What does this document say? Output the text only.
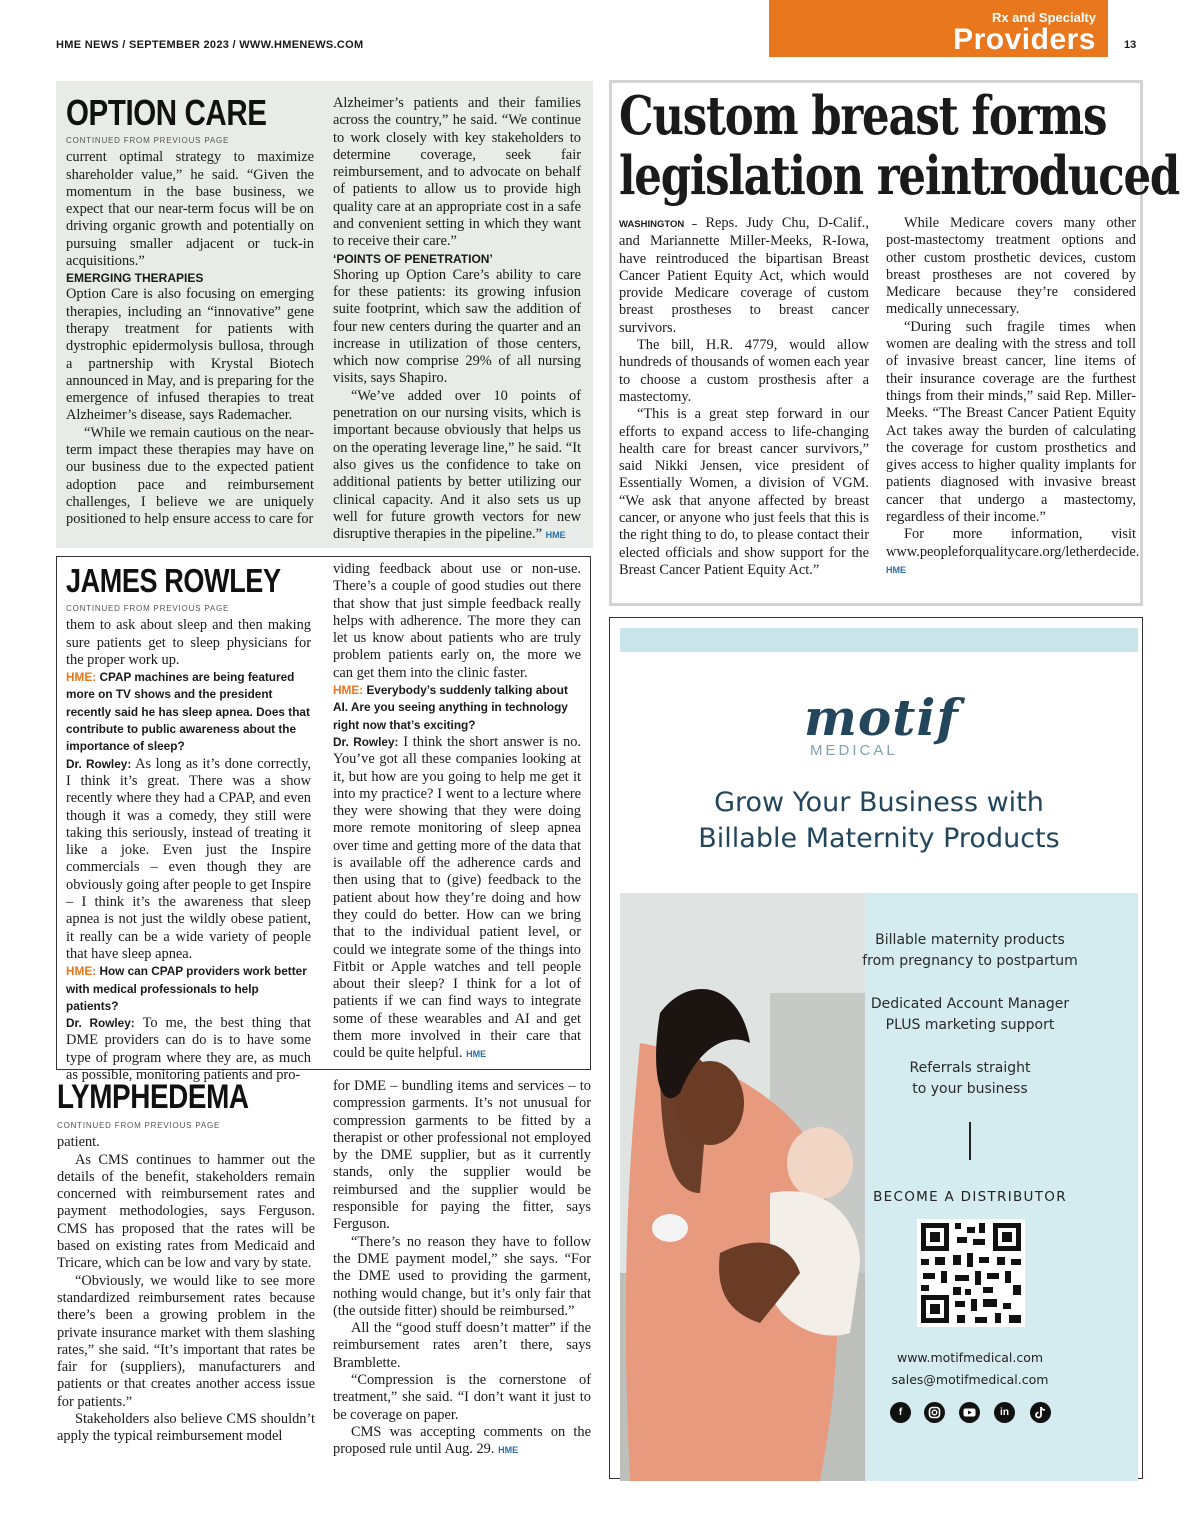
HME NEWS / SEPTEMBER 2023 / WWW.HMENEWS.COM
Rx and Specialty
Providers	13
OPTION CARE
CONTINUED FROM PREVIOUS PAGE

current optimal strategy to maximize shareholder value,” he said. “Given the momentum in the base business, we expect that our near-term focus will be on driving organic growth and potentially on pursuing smaller adjacent or tuck-in acquisitions.”

EMERGING THERAPIES

Option Care is also focusing on emerging therapies, including an “innovative” gene therapy treatment for patients with dystrophic epidermolysis bullosa, through a partnership with Krystal Biotech announced in May, and is preparing for the emergence of infused therapies to treat Alzheimer’s disease, says Rademacher.

“While we remain cautious on the near-term impact these therapies may have on our business due to the expected patient adoption pace and reimbursement challenges, I believe we are uniquely positioned to help ensure access to care for

Alzheimer’s patients and their families across the country,” he said. “We continue to work closely with key stakeholders to determine coverage, seek fair reimbursement, and to advocate on behalf of patients to allow us to provide high quality care at an appropriate cost in a safe and convenient setting in which they want to receive their care.”

‘POINTS OF PENETRATION’

Shoring up Option Care’s ability to care for these patients: its growing infusion suite footprint, which saw the addition of four new centers during the quarter and an increase in utilization of those centers, which now comprise 29% of all nursing visits, says Shapiro.

“We’ve added over 10 points of penetration on our nursing visits, which is important because obviously that helps us on the operating leverage line,” he said. “It also gives us the confidence to take on additional patients by better utilizing our clinical capacity. And it also sets us up well for future growth vectors for new disruptive therapies in the pipeline.” HME

JAMES ROWLEY
CONTINUED FROM PREVIOUS PAGE

them to ask about sleep and then making sure patients get to sleep physicians for the proper work up.

HME: CPAP machines are being featured more on TV shows and the president recently said he has sleep apnea. Does that contribute to public awareness about the importance of sleep?

Dr. Rowley: As long as it’s done correctly, I think it’s great. There was a show recently where they had a CPAP, and even though it was a comedy, they still were taking this seriously, instead of treating it like a joke. Even just the Inspire commercials – even though they are obviously going after people to get Inspire – I think it’s the awareness that sleep apnea is not just the wildly obese patient, it really can be a wide variety of people that have sleep apnea.

HME: How can CPAP providers work better with medical professionals to help patients?

Dr. Rowley: To me, the best thing that DME providers can do is to have some type of program where they are, as much as possible, monitoring patients and pro-

viding feedback about use or non-use. There’s a couple of good studies out there that show that just simple feedback really helps with adherence. The more they can let us know about patients who are truly problem patients early on, the more we can get them into the clinic faster.

HME: Everybody’s suddenly talking about AI. Are you seeing anything in technology right now that’s exciting?

Dr. Rowley: I think the short answer is no. You’ve got all these companies looking at it, but how are you going to help me get it into my practice? I went to a lecture where they were showing that they were doing more remote monitoring of sleep apnea over time and getting more of the data that is available off the adherence cards and then using that to (give) feedback to the patient about how they’re doing and how they could do better. How can we bring that to the individual patient level, or could we integrate some of the things into Fitbit or Apple watches and tell people about their sleep? I think for a lot of patients if we can find ways to integrate some of these wearables and AI and get them more involved in their care that could be quite helpful. HME

LYMPHEDEMA
CONTINUED FROM PREVIOUS PAGE

patient.

As CMS continues to hammer out the details of the benefit, stakeholders remain concerned with reimbursement rates and payment methodologies, says Ferguson. CMS has proposed that the rates will be based on existing rates from Medicaid and Tricare, which can be low and vary by state.

“Obviously, we would like to see more standardized reimbursement rates because there’s been a growing problem in the private insurance market with them slashing rates,” she said. “It’s important that rates be fair for (suppliers), manufacturers and patients or that creates another access issue for patients.”

Stakeholders also believe CMS shouldn’t apply the typical reimbursement model

for DME – bundling items and services – to compression garments. It’s not unusual for compression garments to be fitted by a therapist or other professional not employed by the DME supplier, but as it currently stands, only the supplier would be reimbursed and the supplier would be responsible for paying the fitter, says Ferguson.

“There’s no reason they have to follow the DME payment model,” she says. “For the DME used to providing the garment, nothing would change, but it’s only fair that (the outside fitter) should be reimbursed.”

All the “good stuff doesn’t matter” if the reimbursement rates aren’t there, says Bramblette.

“Compression is the cornerstone of treatment,” she said. “I don’t want it just to be coverage on paper.

CMS was accepting comments on the proposed rule until Aug. 29. HME

Custom breast forms
legislation reintroduced

WASHINGTON – Reps. Judy Chu, D-Calif., and Mariannette Miller-Meeks, R-Iowa, have reintroduced the bipartisan Breast Cancer Patient Equity Act, which would provide Medicare coverage of custom breast prostheses to breast cancer survivors.

The bill, H.R. 4779, would allow hundreds of thousands of women each year to choose a custom prosthesis after a mastectomy.

“This is a great step forward in our efforts to expand access to life-changing health care for breast cancer survivors,” said Nikki Jensen, vice president of Essentially Women, a division of VGM. “We ask that anyone affected by breast cancer, or anyone who just feels that this is the right thing to do, to please contact their elected officials and show support for the Breast Cancer Patient Equity Act.”

While Medicare covers many other post-mastectomy treatment options and other custom prosthetic devices, custom breast prostheses are not covered by Medicare because they’re considered medically unnecessary.

“During such fragile times when women are dealing with the stress and toll of invasive breast cancer, line items of their insurance coverage are the furthest things from their minds,” said Rep. Miller-Meeks. “The Breast Cancer Patient Equity Act takes away the burden of calculating the coverage for custom prosthetics and gives access to higher quality implants for patients diagnosed with invasive breast cancer that undergo a mastectomy, regardless of their income.”

For more information, visit www.peopleforqualitycare.org/letherdecide. HME

motif
MEDICAL
Grow Your Business with
Billable Maternity Products
Billable maternity products
from pregnancy to postpartum
Dedicated Account Manager
PLUS marketing support
Referrals straight
to your business
BECOME A DISTRIBUTOR
www.motifmedical.com
sales@motifmedical.com
f	in
